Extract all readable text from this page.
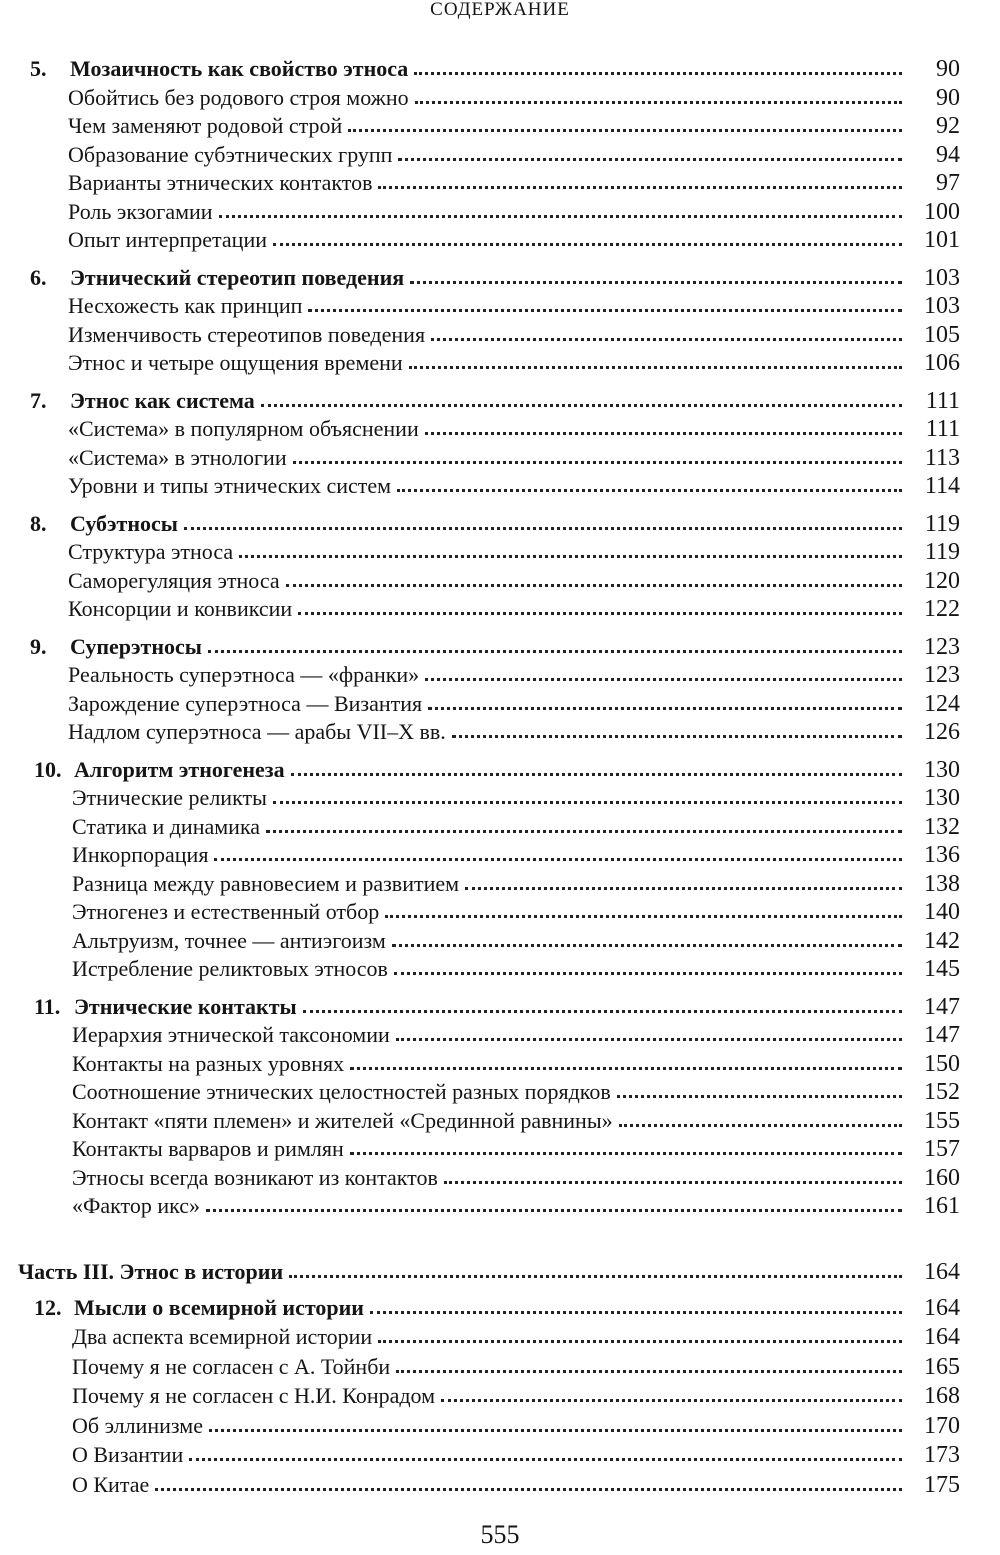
СОДЕРЖАНИЕ
5. Мозаичность как свойство этноса	90
Обойтись без родового строя можно	90
Чем заменяют родовой строй	92
Образование субэтнических групп	94
Варианты этнических контактов	97
Роль экзогамии	100
Опыт интерпретации	101
6. Этнический стереотип поведения	103
Несхожесть как принцип	103
Изменчивость стереотипов поведения	105
Этнос и четыре ощущения времени	106
7. Этнос как система	111
«Система» в популярном объяснении	111
«Система» в этнологии	113
Уровни и типы этнических систем	114
8. Субэтносы	119
Структура этноса	119
Саморегуляция этноса	120
Консорции и конвиксии	122
9. Суперэтносы	123
Реальность суперэтноса — «франки»	123
Зарождение суперэтноса — Византия	124
Надлом суперэтноса — арабы VII–X вв.	126
10. Алгоритм этногенеза	130
Этнические реликты	130
Статика и динамика	132
Инкорпорация	136
Разница между равновесием и развитием	138
Этногенез и естественный отбор	140
Альтруизм, точнее — антиэгоизм	142
Истребление реликтовых этносов	145
11. Этнические контакты	147
Иерархия этнической таксономии	147
Контакты на разных уровнях	150
Соотношение этнических целостностей разных порядков	152
Контакт «пяти племен» и жителей «Срединной равнины»	155
Контакты варваров и римлян	157
Этносы всегда возникают из контактов	160
«Фактор икс»	161
Часть III. Этнос в истории	164
12. Мысли о всемирной истории	164
Два аспекта всемирной истории	164
Почему я не согласен с А. Тойнби	165
Почему я не согласен с Н.И. Конрадом	168
Об эллинизме	170
О Византии	173
О Китае	175
555
